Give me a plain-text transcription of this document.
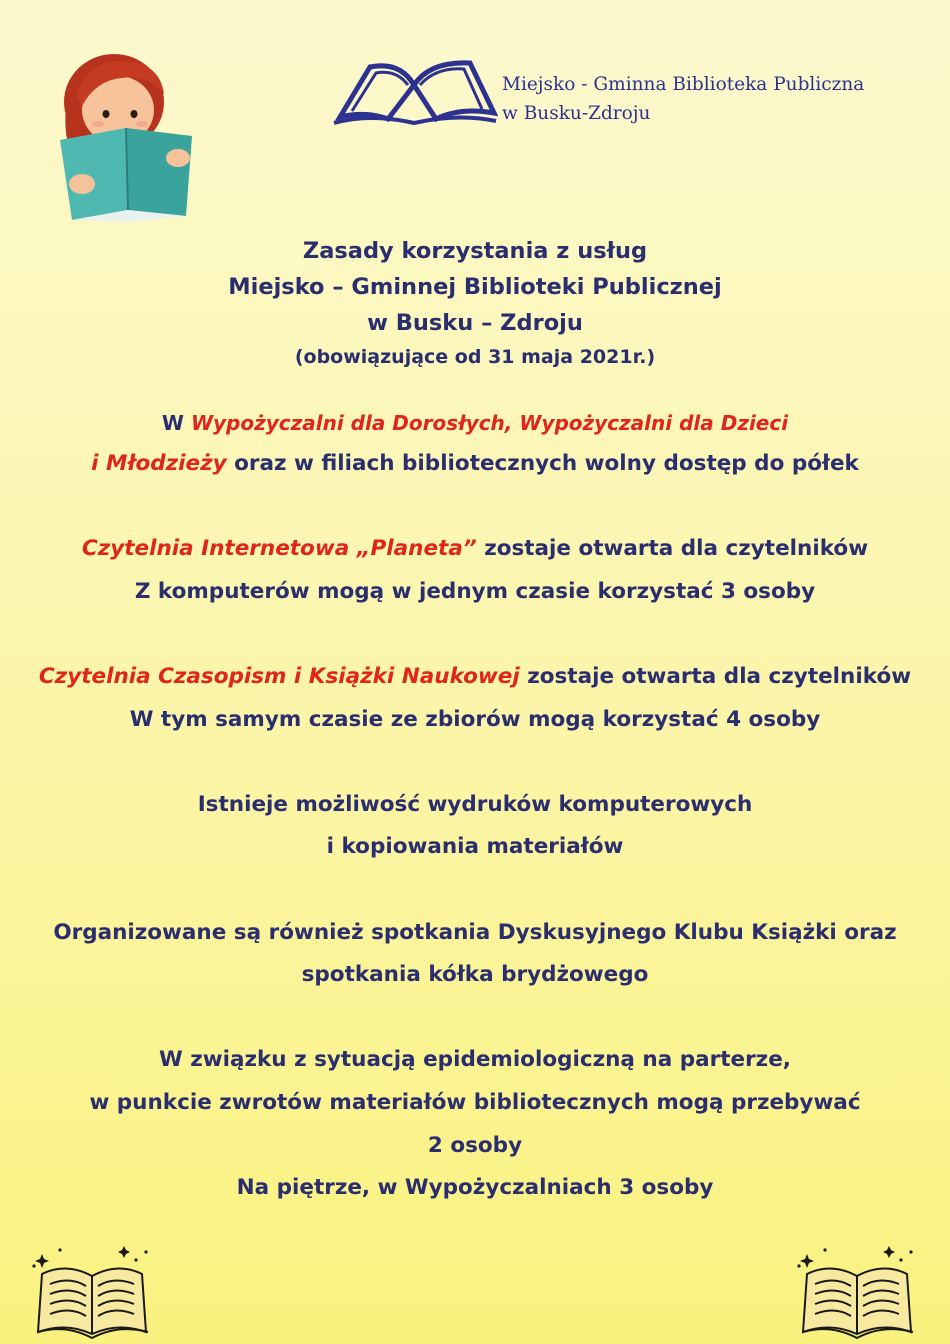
Miejsko - Gminna Biblioteka Publiczna
w Busku-Zdroju
Zasady korzystania z usług
Miejsko – Gminnej Biblioteki Publicznej
w Busku – Zdroju
(obowiązujące od 31 maja 2021r.)
W Wypożyczalni dla Dorosłych, Wypożyczalni dla Dzieci
i Młodzieży oraz w filiach bibliotecznych wolny dostęp do półek
Czytelnia Internetowa „Planeta” zostaje otwarta dla czytelników
Z komputerów mogą w jednym czasie korzystać 3 osoby
Czytelnia Czasopism i Książki Naukowej zostaje otwarta dla czytelników
W tym samym czasie ze zbiorów mogą korzystać 4 osoby
Istnieje możliwość wydruków komputerowych
i kopiowania materiałów
Organizowane są również spotkania Dyskusyjnego Klubu Książki oraz
spotkania kółka brydżowego
W związku z sytuacją epidemiologiczną na parterze,
w punkcie zwrotów materiałów bibliotecznych mogą przebywać
2 osoby
Na piętrze, w Wypożyczalniach 3 osoby
